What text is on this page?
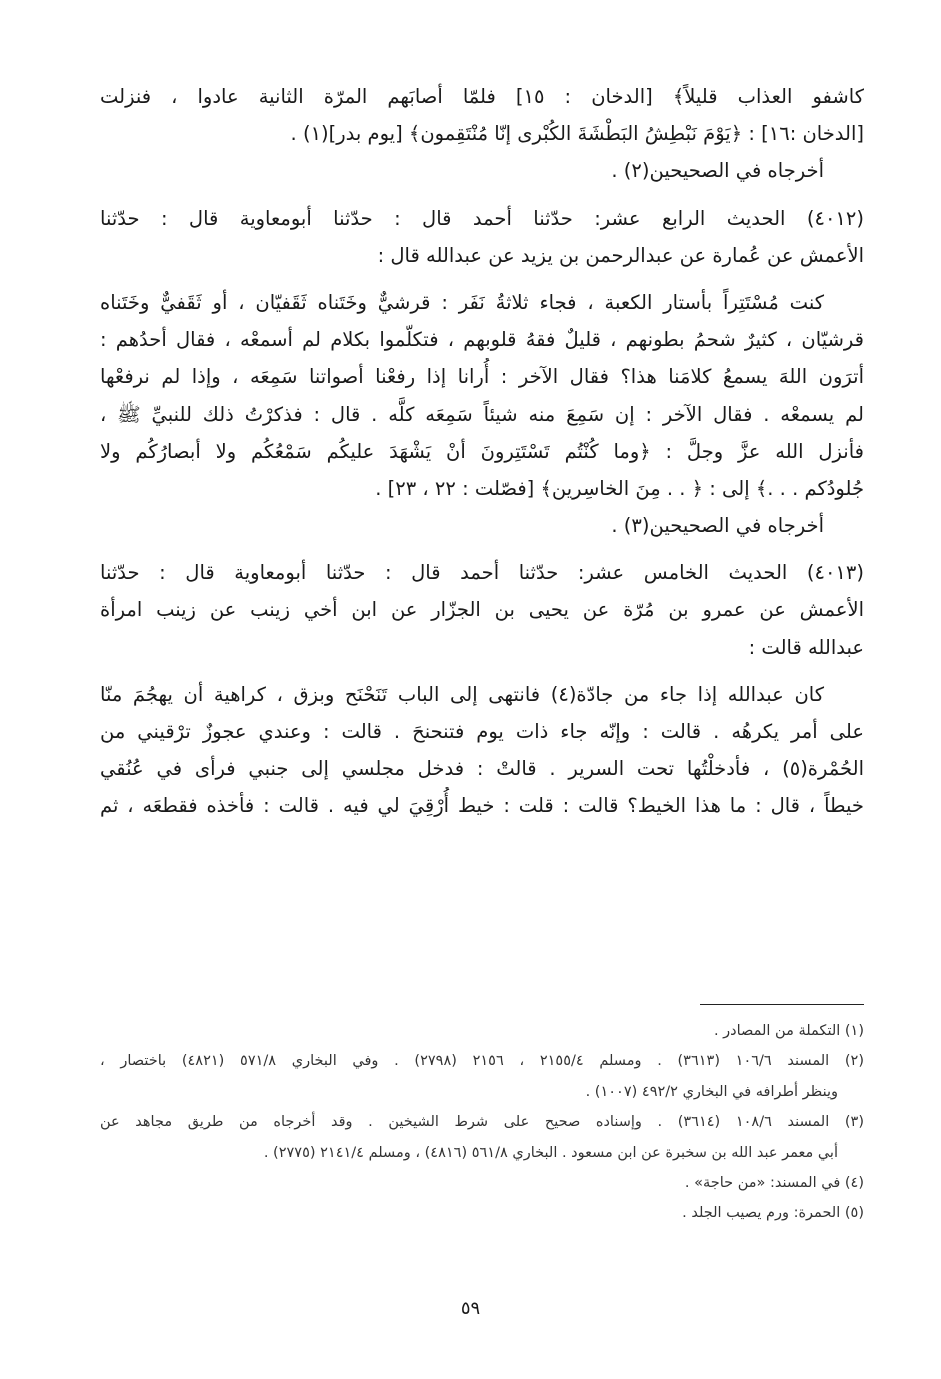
كاشفو العذاب قليلاً﴾ [الدخان : ١٥] فلمّا أصابَهم المرّة الثانية عادوا ، فنزلت
[الدخان :١٦] : ﴿يَوْمَ نَبْطِشُ البَطْشَةَ الكُبْرى إنّا مُنْتَقِمون﴾ [يوم بدر](١) .
أخرجاه في الصحيحين(٢) .
(٤٠١٢) الحديث الرابع عشر: حدّثنا أحمد قال : حدّثنا أبومعاوية قال : حدّثنا
الأعمش عن عُمارة عن عبدالرحمن بن يزيد عن عبدالله قال :
كنت مُسْتَتِراً بأستار الكعبة ، فجاء ثلاثةُ نَفَر : قرشيٌّ وخَتَناه ثَقَفيّان ، أو ثَقَفيٌّ وخَتَناه
قرشيّان ، كثيرٌ شحمُ بطونهم ، قليلٌ فقهُ قلوبهم ، فتكلّموا بكلام لم أسمعْه ، فقال أحدُهم :
أترَون اللهَ يسمعُ كلامَنا هذا؟ فقال الآخر : أُرانا إذا رفعْنا أصواتنا سَمِعَه ، وإذا لم نرفعْها
لم يسمعْه . فقال الآخر : إن سَمِعَ منه شيئاً سَمِعَه كلَّه . قال : فذكرْتُ ذلك للنبيِّ ﷺ ،
فأنزل الله عزَّ وجلَّ : ﴿وما كُنْتُم تَسْتَتِرونَ أنْ يَشْهَدَ عليكُم سَمْعُكُم ولا أبصارُكُم ولا
جُلودُكم . . .﴾ إلى : ﴿ . . مِنَ الخاسِرين﴾ [فصّلت : ٢٢ ، ٢٣] .
أخرجاه في الصحيحين(٣) .
(٤٠١٣) الحديث الخامس عشر: حدّثنا أحمد قال : حدّثنا أبومعاوية قال : حدّثنا
الأعمش عن عمرو بن مُرّة عن يحيى بن الجزّار عن ابن أخي زينب عن زينب امرأة
عبدالله قالت :
كان عبدالله إذا جاء من جادّة(٤) فانتهى إلى الباب تَنَحْنَح وبزق ، كراهية أن يهجُمَ منّا
على أمر يكرهُه . قالت : وإنّه جاء ذات يوم فتنحنحَ . قالت : وعندي عجوزٌ ترْقيني من
الحُمْرة(٥) ، فأدخلْتُها تحت السرير . قالتْ : فدخل مجلسي إلى جنبي فرأى في عُنُقي
خيطاً ، قال : ما هذا الخيط؟ قالت : قلت : خيط أُرْقِيَ لي فيه . قالت : فأخذه فقطعَه ، ثم
(١) التكملة من المصادر .
(٢) المسند ١٠٦/٦ (٣٦١٣) . ومسلم ٢١٥٥/٤ ، ٢١٥٦ (٢٧٩٨) . وفي البخاري ٥٧١/٨ (٤٨٢١) باختصار ،
وينظر أطرافه في البخاري ٤٩٢/٢ (١٠٠٧) .
(٣) المسند ١٠٨/٦ (٣٦١٤) . وإسناده صحيح على شرط الشيخين . وقد أخرجاه من طريق مجاهد عن
أبي معمر عبد الله بن سخبرة عن ابن مسعود . البخاري ٥٦١/٨ (٤٨١٦) ، ومسلم ٢١٤١/٤ (٢٧٧٥) .
(٤) في المسند: «من حاجة» .
(٥) الحمرة: ورم يصيب الجلد .
٥٩
